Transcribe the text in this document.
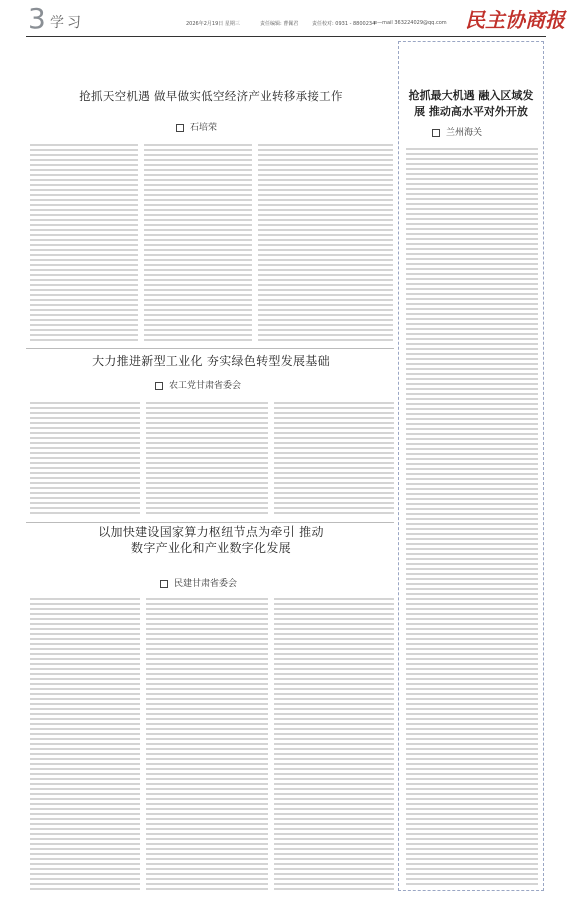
3 学习	2026年2月19日 星期三	责任编辑: 曹佩君	责任校对: 0931 - 8800234
e—mail 363224029@qq.com 民主协商报
抢抓天空机遇 做早做实低空经济产业转移承接工作
石培荣
大力推进新型工业化 夯实绿色转型发展基础
农工党甘肃省委会
以加快建设国家算力枢纽节点为牵引 推动数字产业化和产业数字化发展
民建甘肃省委会
抢抓最大机遇 融入区域发展 推动高水平对外开放
兰州海关
